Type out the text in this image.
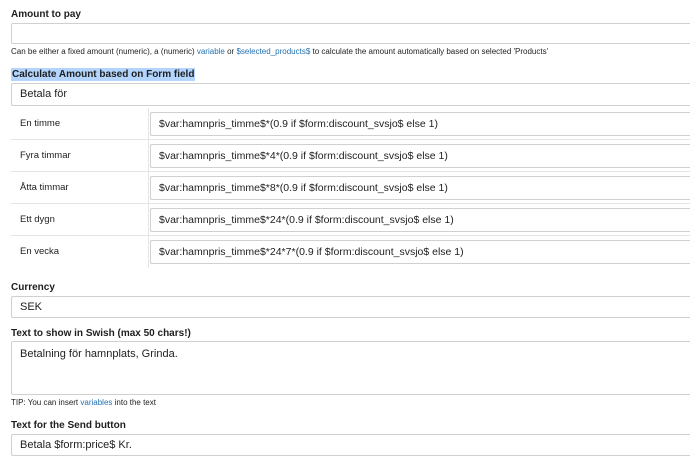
Amount to pay
Can be either a fixed amount (numeric), a (numeric) variable or $selected_products$ to calculate the amount automatically based on selected 'Products'
Calculate Amount based on Form field
Betala för
En timme	$var:hamnpris_timme$*(0.9 if $form:discount_svsjo$ else 1)
Fyra timmar	$var:hamnpris_timme$*4*(0.9 if $form:discount_svsjo$ else 1)
Åtta timmar	$var:hamnpris_timme$*8*(0.9 if $form:discount_svsjo$ else 1)
Ett dygn	$var:hamnpris_timme$*24*(0.9 if $form:discount_svsjo$ else 1)
En vecka	$var:hamnpris_timme$*24*7*(0.9 if $form:discount_svsjo$ else 1)
Currency
SEK
Text to show in Swish (max 50 chars!)
Betalning för hamnplats, Grinda.
TIP: You can insert variables into the text
Text for the Send button
Betala $form:price$ Kr.
